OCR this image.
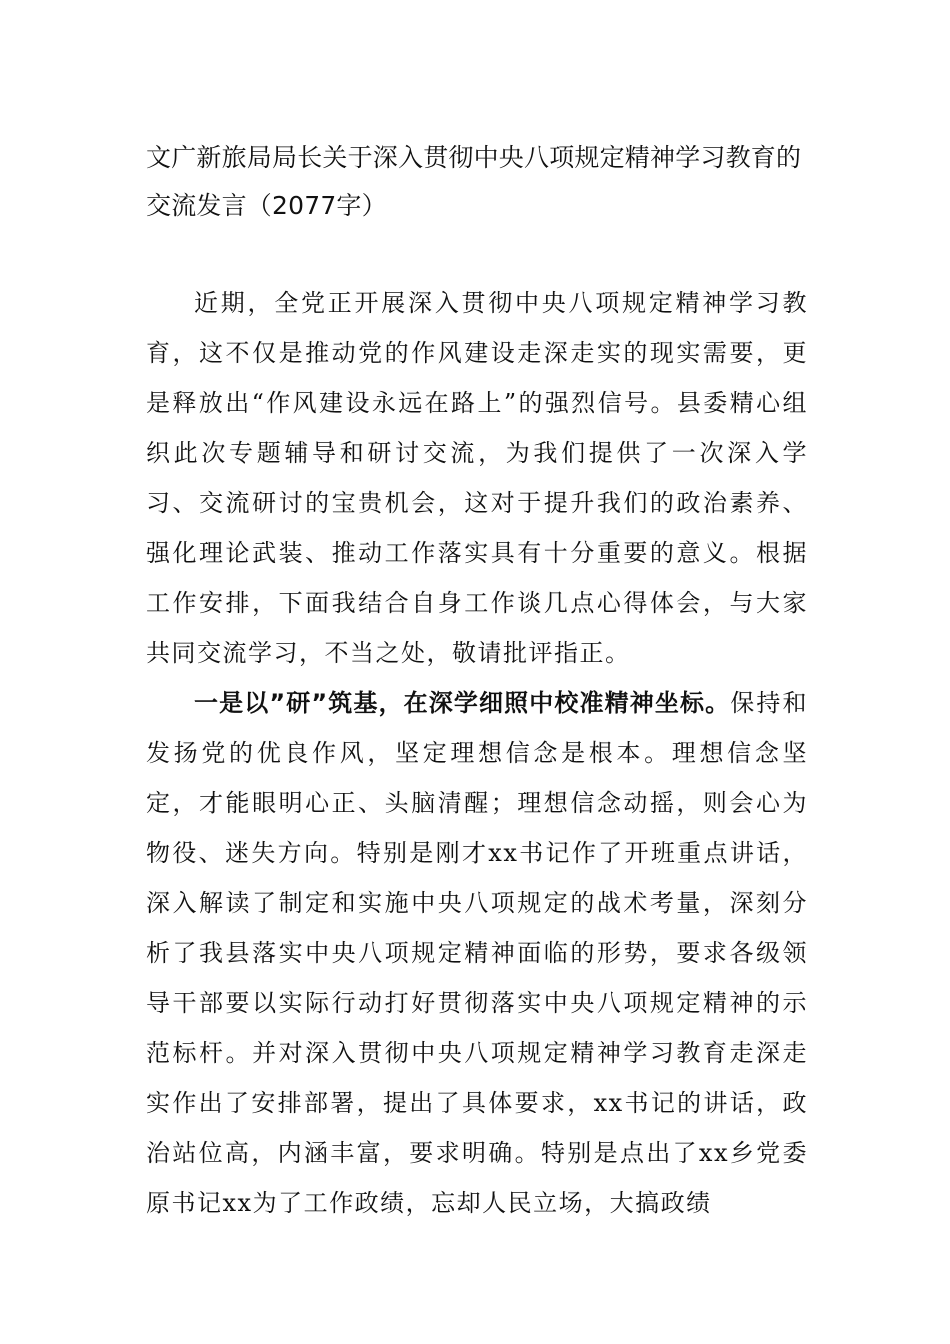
文广新旅局局长关于深入贯彻中央八项规定精神学习教育的交流发言（2077字）

近期，全党正开展深入贯彻中央八项规定精神学习教育，这不仅是推动党的作风建设走深走实的现实需要，更是释放出“作风建设永远在路上”的强烈信号。县委精心组织此次专题辅导和研讨交流，为我们提供了一次深入学习、交流研讨的宝贵机会，这对于提升我们的政治素养、强化理论武装、推动工作落实具有十分重要的意义。根据工作安排，下面我结合自身工作谈几点心得体会，与大家共同交流学习，不当之处，敬请批评指正。

一是以”研”筑基，在深学细照中校准精神坐标。保持和发扬党的优良作风，坚定理想信念是根本。理想信念坚定，才能眼明心正、头脑清醒；理想信念动摇，则会心为物役、迷失方向。特别是刚才xx书记作了开班重点讲话，深入解读了制定和实施中央八项规定的战术考量，深刻分析了我县落实中央八项规定精神面临的形势，要求各级领导干部要以实际行动打好贯彻落实中央八项规定精神的示范标杆。并对深入贯彻中央八项规定精神学习教育走深走实作出了安排部署，提出了具体要求，xx书记的讲话，政治站位高，内涵丰富，要求明确。特别是点出了xx乡党委原书记xx为了工作政绩，忘却人民立场，大搞政绩
